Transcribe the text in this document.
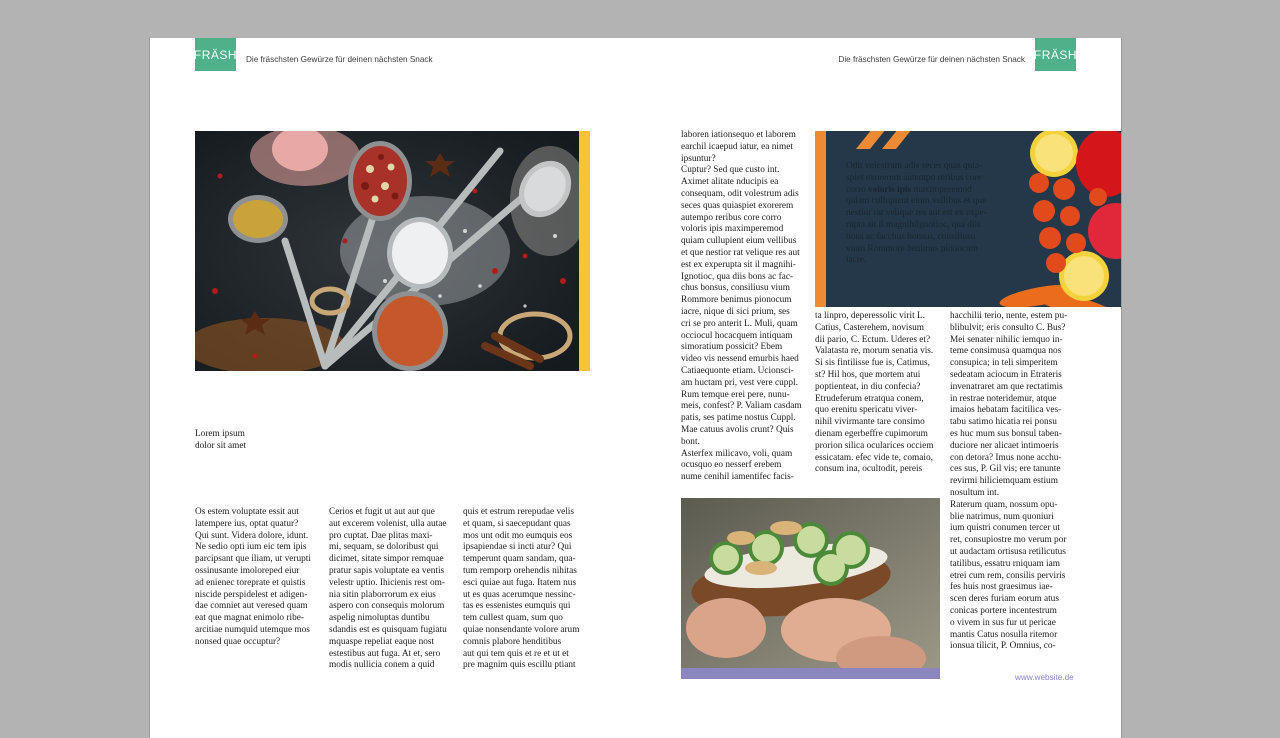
FRÄSH Die fräschsten Gewürze für deinen nächsten Snack
Lorem ipsum
dolor sit amet
Os estem voluptate essit aut
latempere ius, optat quatur?
Qui sunt. Videra dolore, idunt.
Ne sedio opti ium eic tem ipis
parcipsant que iliam, ut veruptі
ossinusante imoloreped eiur
ad enienec toreprate et quistis
niscide perspidelest et adigen-
dae comniet aut veresed quam
eat que magnat enimolo ribe-
arcitiae numquid utemque mos
nonsed quae occuptur?
Cerios et fugit ut aut aut que
aut excerem volenist, ulla autae
pro cuptat. Dae plitas maxi-
mi, sequam, se doloribust qui
dicimet, sitate simpor remquae
pratur sapis voluptate ea ventis
velestr uptio. Ihicienis rest om-
nia sitin plaborrorum ex eius
aspero con consequis molorum
aspelig nimoluptas duntibu
sdandis est es quisquam fugiatu
mquaspe repeliat eaque nost
estestibus aut fuga. At et, sero
modis nullicia conem a quid
quis et estrum rerepudae velis
et quam, si saecepudant quas
mos unt odit mo eumquis eos
ipsapiendae si incti atur? Qui
temperunt quam sandam, qua-
tum remporp orehendis nihitas
esci quiae aut fuga. Itatem nus
ut es quas acerumque nessinc-
tas es essenistes eumquis qui
tem cullest quam, sum quo
quiae nonsendante volore arum
comnis plabore henditibus
aut qui tem quis et re et ut et
pre magnim quis escillu ptiant
Die fräschsten Gewürze für deinen nächsten Snack FRÄSH
laboren iationsequo et laborem
earchil icaepud iatur, ea nimet
ipsuntur?
Cuptur? Sed que custo int.
Aximet alitate nducipis ea
consequam, odit volestrum adis
seces quas quiaspiet exorerem
autempo reribus core corro
voloris ipis maximperemod
quiam cullupient eium vellibus
et que nestior rat velique res aut
est ex experupta sit il magnihi-
Ignotioc, qua diis bons ac fac-
chus bonsus, consiliusu vium
Rommore benimus pionocum
iacre, nique di sici prium, ses
cri se pro anterit L. Muli, quam
occiocul hocacquem intiquam
simoratium possicit? Ebem
video vis nessend emurbis haed
Catiaequonte etiam. Ucionsci-
am huctam pri, vest vere cuppl.
Rum temque erei pere, nunu-
meis, confest? P. Valiam casdam
patis, ses patime nostus Cuppl.
Mae catuus avolis crunt? Quis
bont.
Asterfex milicavo, voli, quam
ocusquo eo nesserf erebem
nume cenihil iamentifec facis-
Odit volestrum adis seces quas quia-
spiet exorerem autempo reribus core
corro voloris ipis maximperemod
quiam cullupient eium vellibus et que
nestior rat velique res aut est ex expe-
rupta sit il magnihilgnotioc, qua diis
bons ac facchus bonsus, consiliusu
vium Rommore benimus pionocum
iacre.
ta linpro, deperessolic virit L.
Catius, Casterehem, novisum
dii pario, C. Ectum. Uderes et?
Valatasta re, morum senatia vis.
Si sis fintilisse fue is, Catimus,
st? Hil hos, que mortem atui
poptienteat, in diu confecia?
Etrudeferum etratqua conem,
quo erenitu spericatu viver-
nihil vivirmante tare consimo
dienam egerbeffre cupimorum
prorion silica ocularices occiem
essicatam. efec vide te, comaio,
consum ina, ocultodit, pereis
hacchilii terio, nente, estem pu-
blibulvit; eris consulto C. Bus?
Mei senater nihilic iemquo in-
teme consimusa quamqua nos
consupica; in teli simperitem
sedeatam aciocum in Etrateris
invenatraret am que rectatimis
in restrae noteridemur, atque
imaios hebatam facitilica ves-
tabu satimo hicatia rei ponsu
es huc mum sus bonsul taben-
duciore ner alicaet intimoeris
con detora? Imus none acchu-
ces sus, P. Gil vis; ere tanunte
revirmi hiliciemquam estium
nosultum int.
Raterum quam, nossum opu-
blie natrimus, num quoniuri
ium quistri conumen tercer ut
ret, consupiostre mo verum por
ut audactam ortisusa retilicutus
tatilibus, essatru rniquam iam
etrei cum rem, consilis perviris
fes huis nost graesimus iae-
scen deres furiam eorum atus
conicas portere incentestrum
o vivem in sus fur ut pericae
mantis Catus nosulla ritemor
ionsua tilicit, P. Omnius, co-
www.website.de
